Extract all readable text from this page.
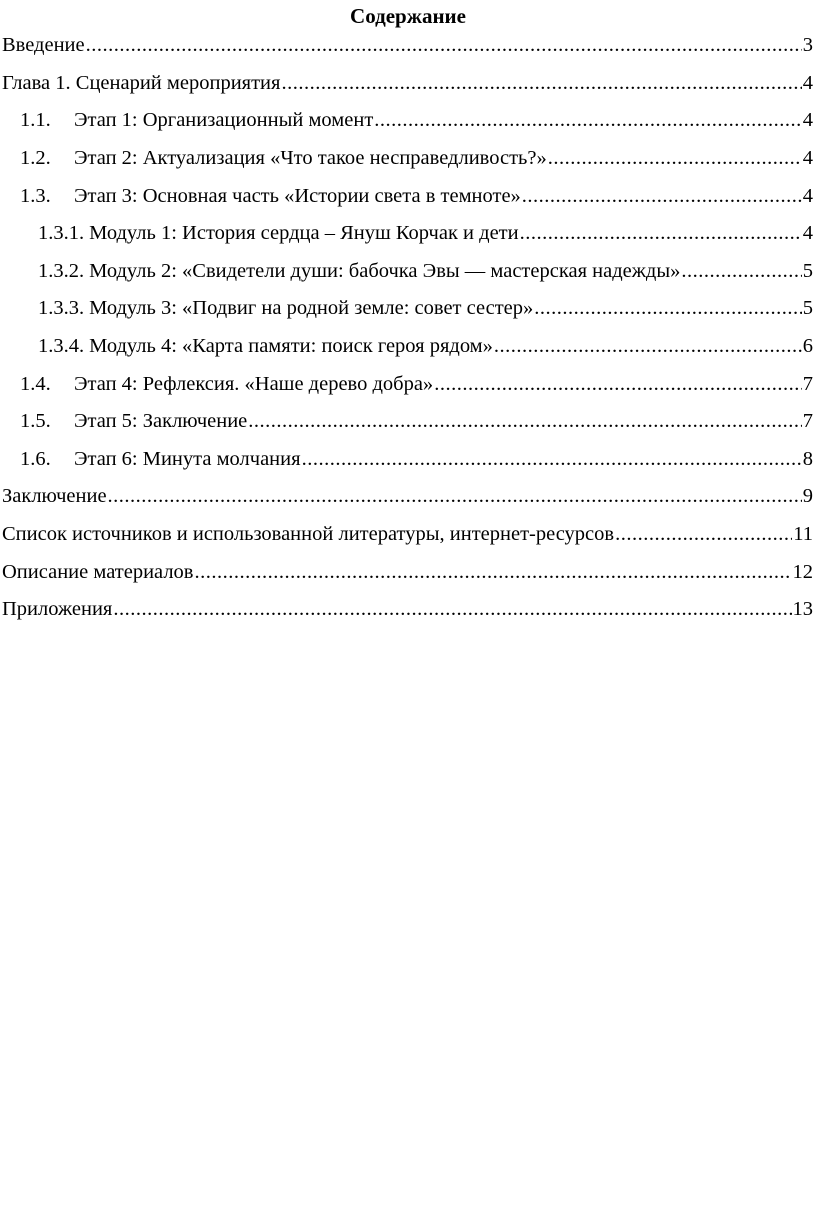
Содержание
Введение .....	3
Глава 1. Сценарий мероприятия .....	4
1.1.	Этап 1: Организационный момент .....	4
1.2.	Этап 2: Актуализация «Что такое несправедливость?» .....	4
1.3.	Этап 3: Основная часть «Истории света в темноте» .....	4
1.3.1. Модуль 1: История сердца – Януш Корчак и дети .....	4
1.3.2. Модуль 2: «Свидетели души: бабочка Эвы — мастерская надежды» .....	5
1.3.3. Модуль 3: «Подвиг на родной земле: совет сестер» .....	5
1.3.4. Модуль 4: «Карта памяти: поиск героя рядом» .....	6
1.4.	Этап 4: Рефлексия. «Наше дерево добра» .....	7
1.5.	Этап 5: Заключение .....	7
1.6.	Этап 6: Минута молчания .....	8
Заключение .....	9
Список источников и использованной литературы, интернет-ресурсов .....	11
Описание материалов .....	12
Приложения .....	13
